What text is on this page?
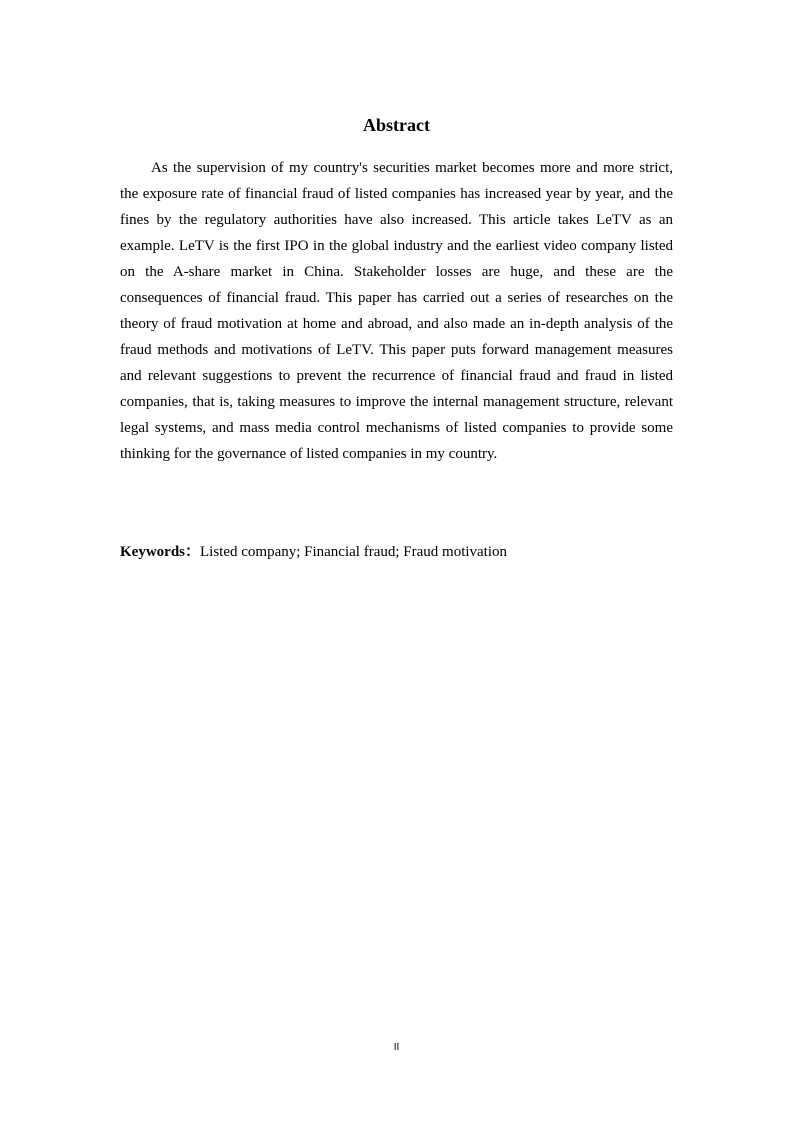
Abstract

As the supervision of my country's securities market becomes more and more strict, the exposure rate of financial fraud of listed companies has increased year by year, and the fines by the regulatory authorities have also increased. This article takes LeTV as an example. LeTV is the first IPO in the global industry and the earliest video company listed on the A-share market in China. Stakeholder losses are huge, and these are the consequences of financial fraud. This paper has carried out a series of researches on the theory of fraud motivation at home and abroad, and also made an in-depth analysis of the fraud methods and motivations of LeTV. This paper puts forward management measures and relevant suggestions to prevent the recurrence of financial fraud and fraud in listed companies, that is, taking measures to improve the internal management structure, relevant legal systems, and mass media control mechanisms of listed companies to provide some thinking for the governance of listed companies in my country.

Keywords：Listed company; Financial fraud; Fraud motivation

II
